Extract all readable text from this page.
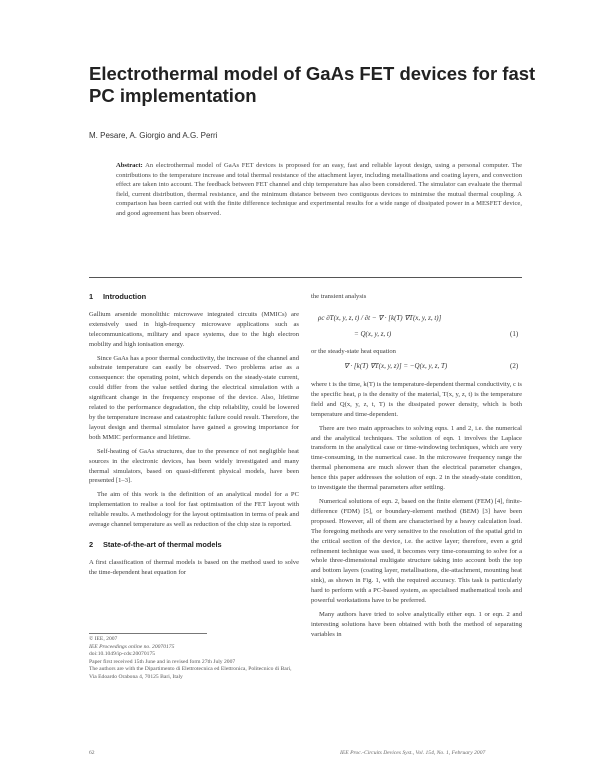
Electrothermal model of GaAs FET devices for fast PC implementation
M. Pesare, A. Giorgio and A.G. Perri
Abstract: An electrothermal model of GaAs FET devices is proposed for an easy, fast and reliable layout design, using a personal computer. The contributions to the temperature increase and total thermal resistance of the attachment layer, including metallisations and coating layers, and convection effect are taken into account. The feedback between FET channel and chip temperature has also been considered. The simulator can evaluate the thermal field, current distribution, thermal resistance, and the minimum distance between two contiguous devices to minimise the mutual thermal coupling. A comparison has been carried out with the finite difference technique and experimental results for a wide range of dissipated power in a MESFET device, and good agreement has been observed.
1 Introduction

Gallium arsenide monolithic microwave integrated circuits (MMICs) are extensively used in high-frequency microwave applications such as telecommunications, military and space systems, due to the high electron mobility and high ionisation energy.

Since GaAs has a poor thermal conductivity, the increase of the channel and substrate temperature can easily be observed. Two problems arise as a consequence: the operating point, which depends on the steady-state current, could differ from the value settled during the electrical simulation with a significant change in the frequency response of the device. Also, lifetime related to the performance degradation, the chip reliability, could be lowered by the temperature increase and catastrophic failure could result. Therefore, the layout design and thermal simulator have gained a growing importance for both MMIC performance and lifetime.

Self-heating of GaAs structures, due to the presence of not negligible heat sources in the electronic devices, has been widely investigated and many thermal simulators, based on quasi-different physical models, have been presented [1–3].

The aim of this work is the definition of an analytical model for a PC implementation to realise a tool for fast optimisation of the FET layout with reliable results. A methodology for the layout optimisation in terms of peak and average channel temperature as well as reduction of the chip size is reported.

2 State-of-the-art of thermal models

A first classification of thermal models is based on the method used to solve the time-dependent heat equation for

© IEE, 2007
IEE Proceedings online no. 20070175
doi:10.1049/ip-cds:20070175
Paper first received 15th June and in revised form 27th July 2007
The authors are with the Dipartimento di Elettrotecnica ed Elettronica, Politecnico di Bari, Via Edoardo Orabona 4, 70125 Bari, Italy
the transient analysis
ρc ∂T(x, y, z, t) / ∂t − ∇ · [k(T) ∇T(x, y, z, t)]
= Q(x, y, z, t)	(1)
or the steady-state heat equation
∇ · [k(T) ∇T(x, y, z)] = −Q(x, y, z, T)	(2)

where t is the time, k(T) is the temperature-dependent thermal conductivity, c is the specific heat, ρ is the density of the material, T(x, y, z, t) is the temperature field and Q(x, y, z, t, T) is the dissipated power density, which is both temperature and time-dependent.

There are two main approaches to solving eqns. 1 and 2, i.e. the numerical and the analytical techniques. The solution of eqn. 1 involves the Laplace transform in the analytical case or time-windowing techniques, which are very time-consuming, in the numerical case. In the microwave frequency range the thermal phenomena are much slower than the electrical parameter changes, hence this paper addresses the solution of eqn. 2 in the steady-state condition, to investigate the thermal parameters after settling.

Numerical solutions of eqn. 2, based on the finite element (FEM) [4], finite-difference (FDM) [5], or boundary-element method (BEM) [3] have been proposed. However, all of them are characterised by a heavy calculation load. The foregoing methods are very sensitive to the resolution of the spatial grid in the critical section of the device, i.e. the active layer; therefore, even a grid refinement technique was used, it becomes very time-consuming to solve for a whole three-dimensional multigate structure taking into account both the top and bottom layers (coating layer, metallisations, die-attachment, mounting heat sink), as shown in Fig. 1, with the required accuracy. This task is particularly hard to perform with a PC-based system, as specialised mathematical tools and powerful workstations have to be preferred.

Many authors have tried to solve analytically either eqn. 1 or eqn. 2 and interesting solutions have been obtained with both the method of separating variables in

62	IEE Proc.-Circuits Devices Syst., Vol. 154, No. 1, February 2007
